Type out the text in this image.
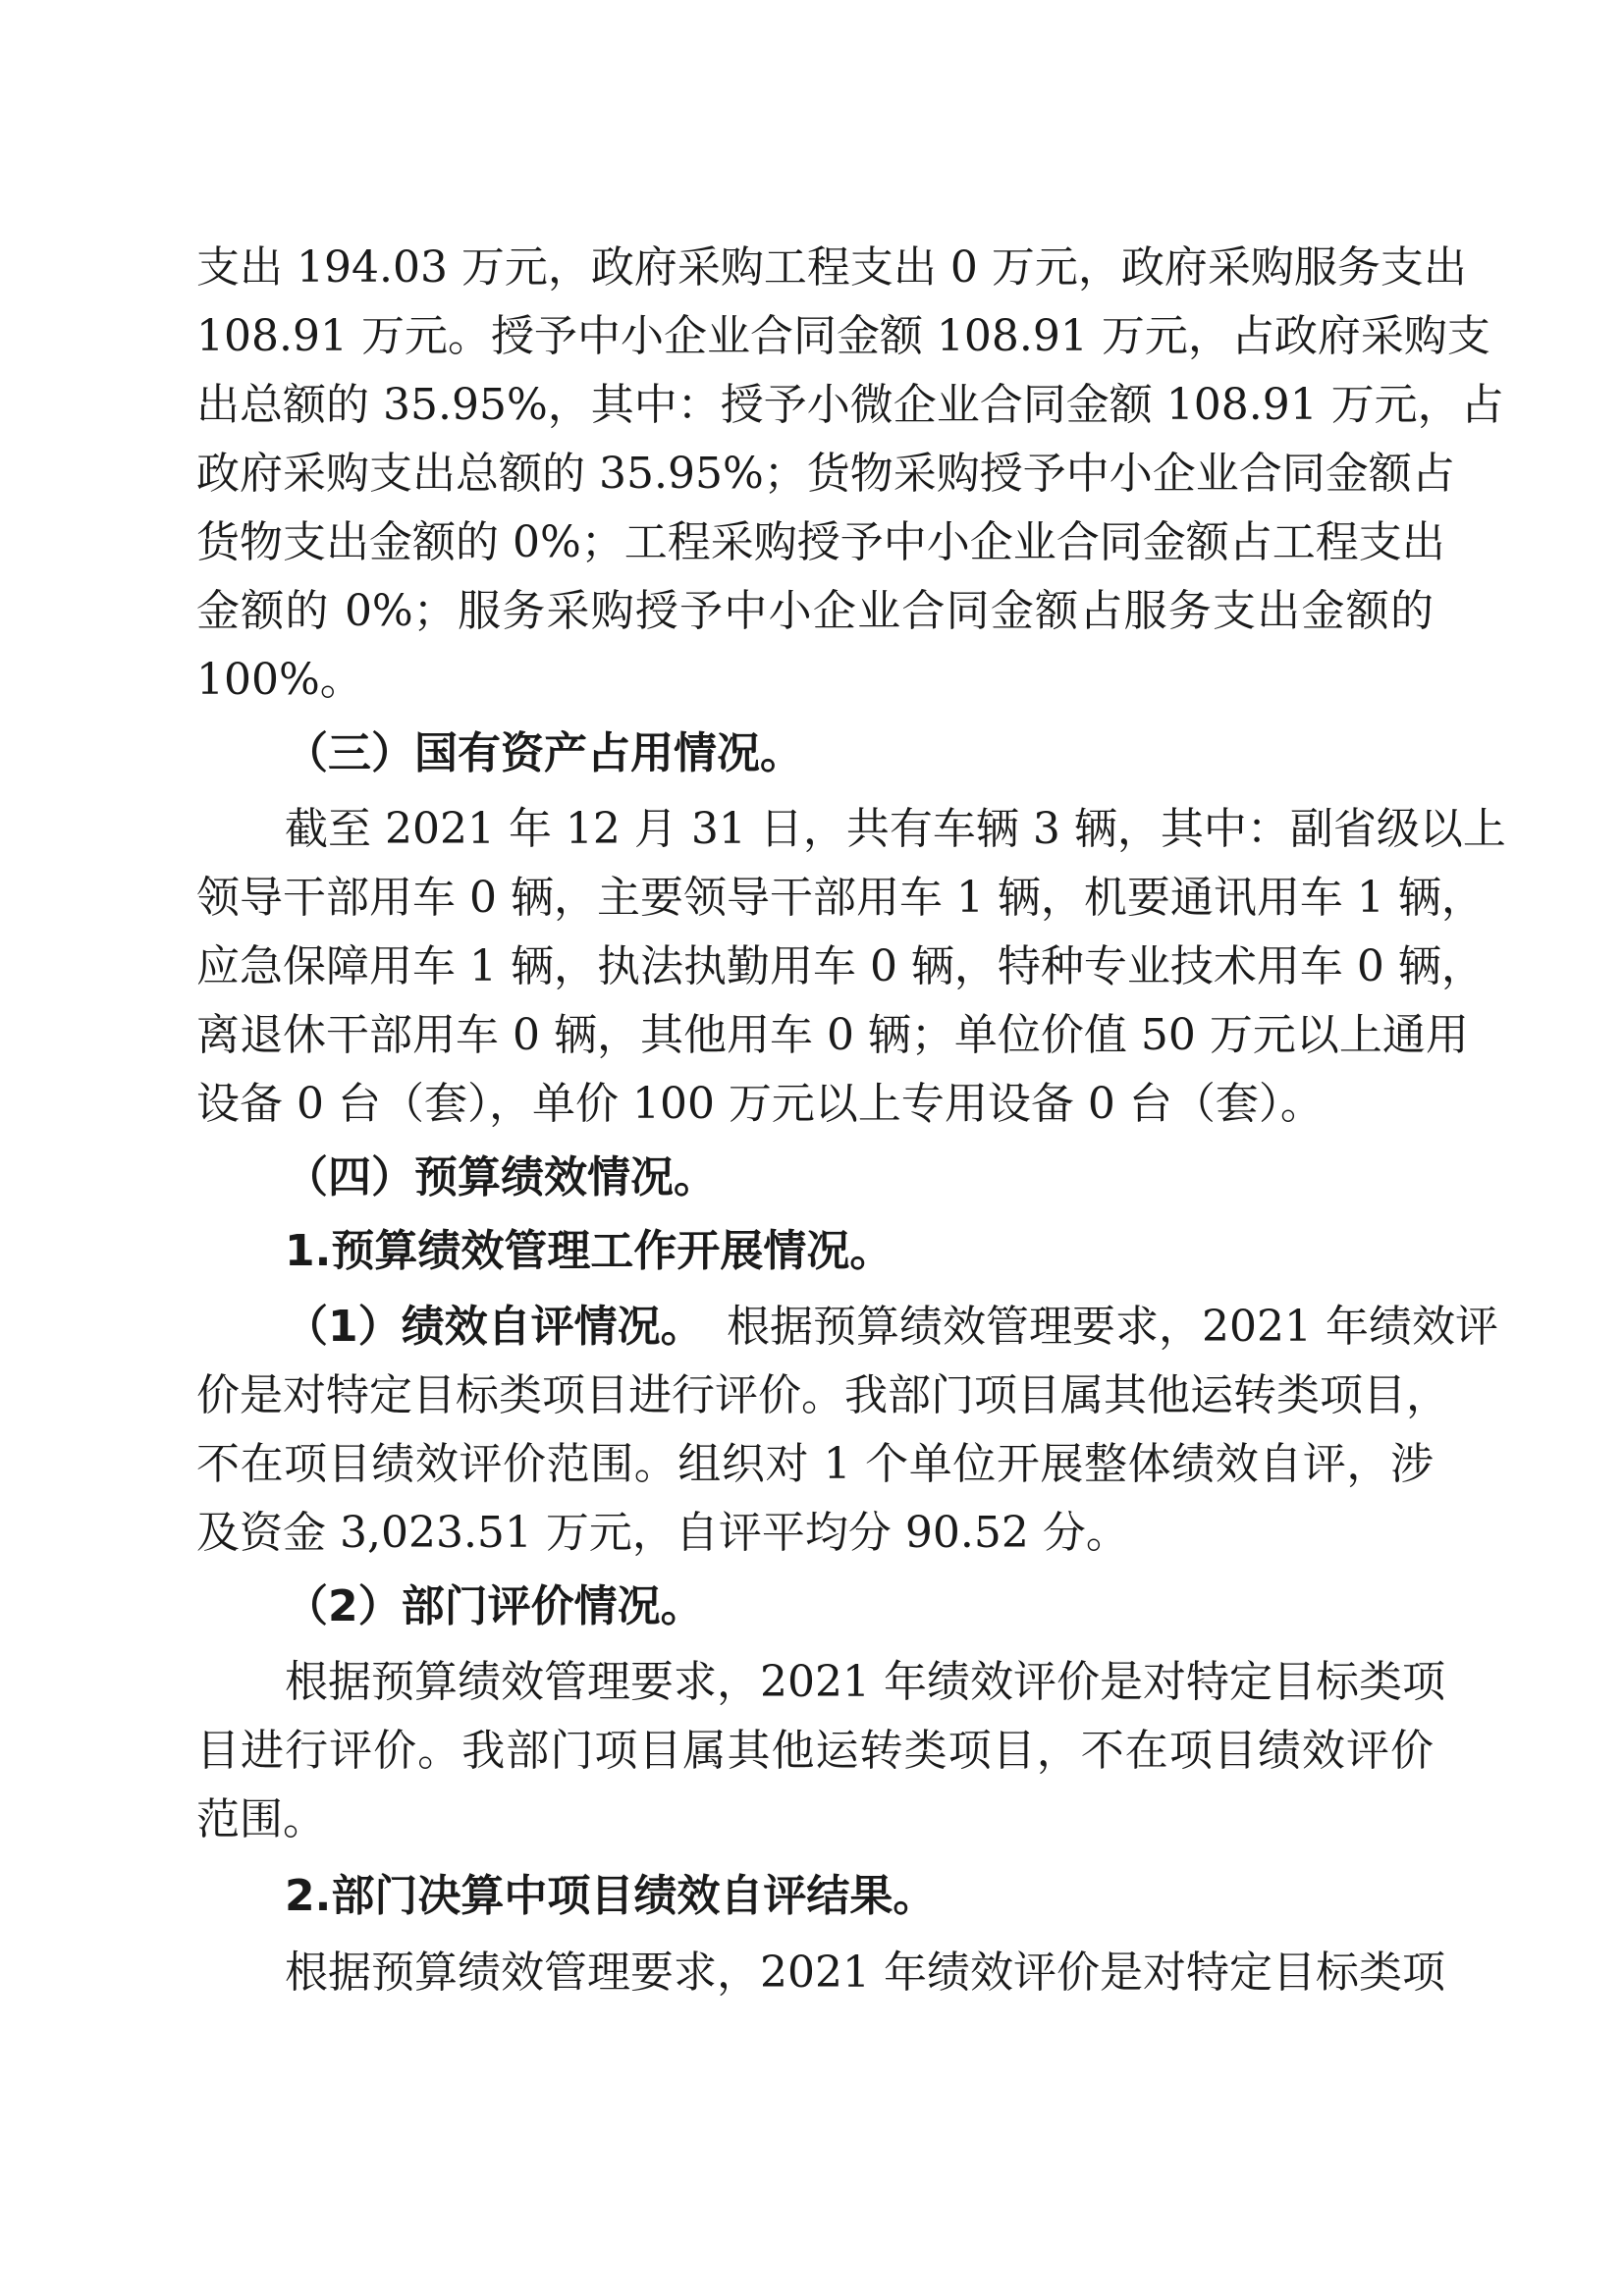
支出 194.03 万元，政府采购工程支出 0 万元，政府采购服务支出
108.91 万元。授予中小企业合同金额 108.91 万元，占政府采购支
出总额的 35.95%，其中：授予小微企业合同金额 108.91 万元，占
政府采购支出总额的 35.95%；货物采购授予中小企业合同金额占
货物支出金额的 0%；工程采购授予中小企业合同金额占工程支出
金额的 0%；服务采购授予中小企业合同金额占服务支出金额的
100%。
（三）国有资产占用情况。
截至 2021 年 12 月 31 日，共有车辆 3 辆，其中：副省级以上
领导干部用车 0 辆，主要领导干部用车 1 辆，机要通讯用车 1 辆，
应急保障用车 1 辆，执法执勤用车 0 辆，特种专业技术用车 0 辆，
离退休干部用车 0 辆，其他用车 0 辆；单位价值 50 万元以上通用
设备 0 台（套），单价 100 万元以上专用设备 0 台（套）。
（四）预算绩效情况。
1.预算绩效管理工作开展情况。
（1）绩效自评情况。 根据预算绩效管理要求，2021 年绩效评
价是对特定目标类项目进行评价。我部门项目属其他运转类项目，
不在项目绩效评价范围。组织对 1 个单位开展整体绩效自评，涉
及资金 3,023.51 万元，自评平均分 90.52 分。
（2）部门评价情况。
根据预算绩效管理要求，2021 年绩效评价是对特定目标类项
目进行评价。我部门项目属其他运转类项目，不在项目绩效评价
范围。
2.部门决算中项目绩效自评结果。
根据预算绩效管理要求，2021 年绩效评价是对特定目标类项
